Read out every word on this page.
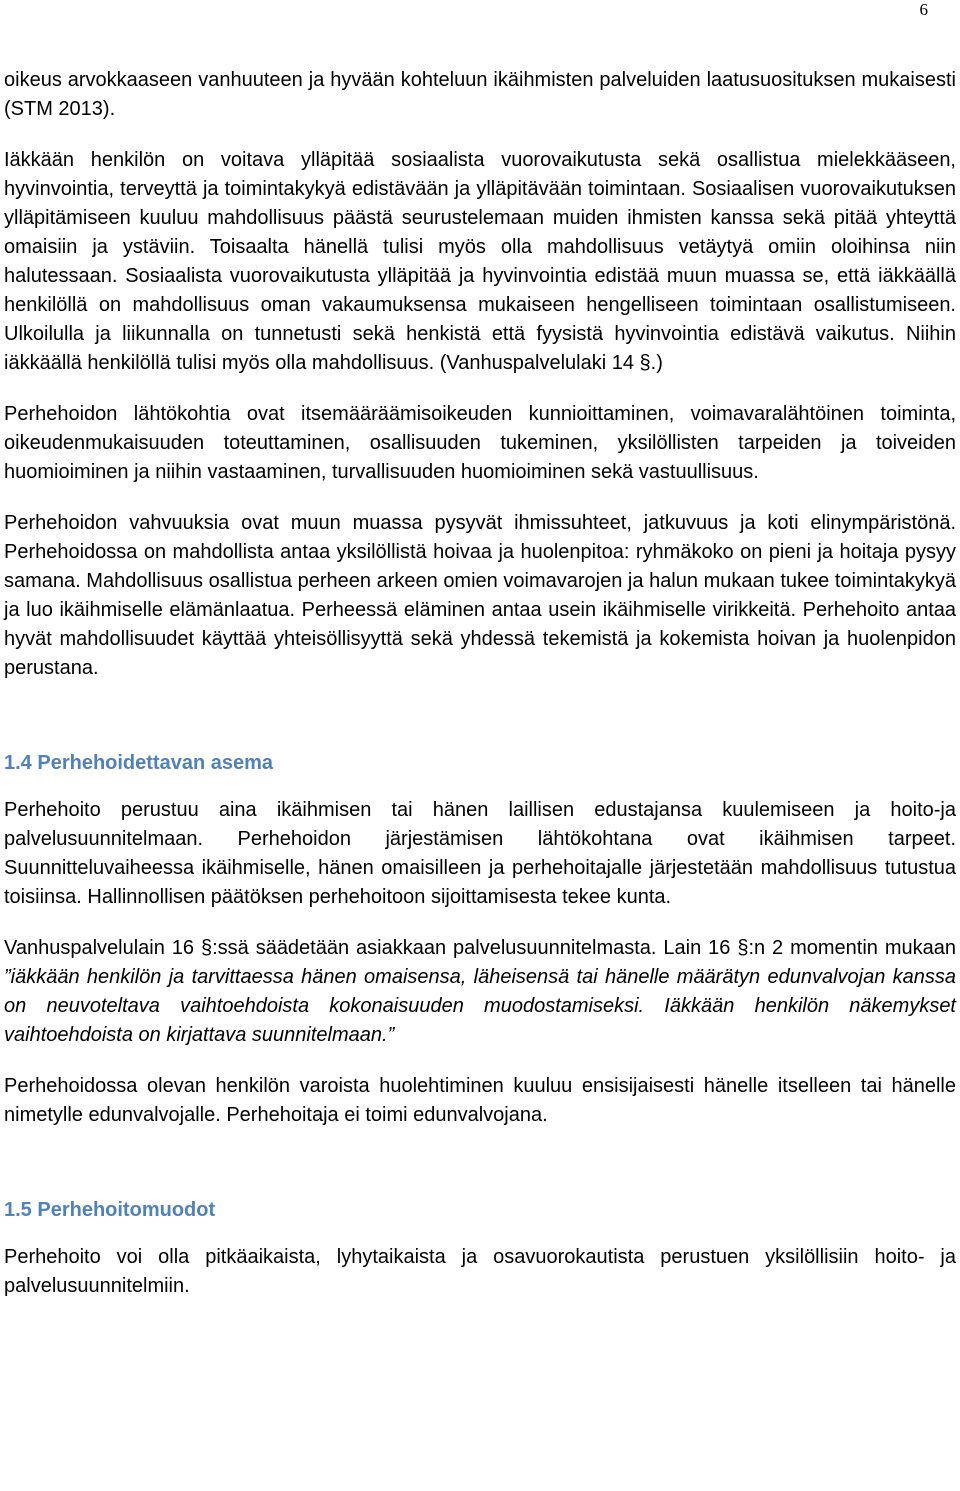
6

oikeus arvokkaaseen vanhuuteen ja hyvään kohteluun ikäihmisten palveluiden laatusuosituksen mukaisesti (STM 2013).

Iäkkään henkilön on voitava ylläpitää sosiaalista vuorovaikutusta sekä osallistua mielekkääseen, hyvinvointia, terveyttä ja toimintakykyä edistävään ja ylläpitävään toimintaan. Sosiaalisen vuorovaikutuksen ylläpitämiseen kuuluu mahdollisuus päästä seurustelemaan muiden ihmisten kanssa sekä pitää yhteyttä omaisiin ja ystäviin. Toisaalta hänellä tulisi myös olla mahdollisuus vetäytyä omiin oloihinsa niin halutessaan. Sosiaalista vuorovaikutusta ylläpitää ja hyvinvointia edistää muun muassa se, että iäkkäällä henkilöllä on mahdollisuus oman vakaumuksensa mukaiseen hengelliseen toimintaan osallistumiseen. Ulkoilulla ja liikunnalla on tunnetusti sekä henkistä että fyysistä hyvinvointia edistävä vaikutus. Niihin iäkkäällä henkilöllä tulisi myös olla mahdollisuus. (Vanhuspalvelulaki 14 §.)

Perhehoidon lähtökohtia ovat itsemääräämisoikeuden kunnioittaminen, voimavaralähtöinen toiminta, oikeudenmukaisuuden toteuttaminen, osallisuuden tukeminen, yksilöllisten tarpeiden ja toiveiden huomioiminen ja niihin vastaaminen, turvallisuuden huomioiminen sekä vastuullisuus.

Perhehoidon vahvuuksia ovat muun muassa pysyvät ihmissuhteet, jatkuvuus ja koti elinympäristönä. Perhehoidossa on mahdollista antaa yksilöllistä hoivaa ja huolenpitoa: ryhmäkoko on pieni ja hoitaja pysyy samana. Mahdollisuus osallistua perheen arkeen omien voimavarojen ja halun mukaan tukee toimintakykyä ja luo ikäihmiselle elämänlaatua. Perheessä eläminen antaa usein ikäihmiselle virikkeitä. Perhehoito antaa hyvät mahdollisuudet käyttää yhteisöllisyyttä sekä yhdessä tekemistä ja kokemista hoivan ja huolenpidon perustana.

1.4 Perhehoidettavan asema

Perhehoito perustuu aina ikäihmisen tai hänen laillisen edustajansa kuulemiseen ja hoito-ja palvelusuunnitelmaan. Perhehoidon järjestämisen lähtökohtana ovat ikäihmisen tarpeet. Suunnitteluvaiheessa ikäihmiselle, hänen omaisilleen ja perhehoitajalle järjestetään mahdollisuus tutustua toisiinsa. Hallinnollisen päätöksen perhehoitoon sijoittamisesta tekee kunta.

Vanhuspalvelulain 16 §:ssä säädetään asiakkaan palvelusuunnitelmasta. Lain 16 §:n 2 momentin mukaan ”iäkkään henkilön ja tarvittaessa hänen omaisensa, läheisensä tai hänelle määrätyn edunvalvojan kanssa on neuvoteltava vaihtoehdoista kokonaisuuden muodostamiseksi. Iäkkään henkilön näkemykset vaihtoehdoista on kirjattava suunnitelmaan.”

Perhehoidossa olevan henkilön varoista huolehtiminen kuuluu ensisijaisesti hänelle itselleen tai hänelle nimetylle edunvalvojalle. Perhehoitaja ei toimi edunvalvojana.

1.5 Perhehoitomuodot

Perhehoito voi olla pitkäaikaista, lyhytaikaista ja osavuorokautista perustuen yksilöllisiin hoito- ja palvelusuunnitelmiin.
